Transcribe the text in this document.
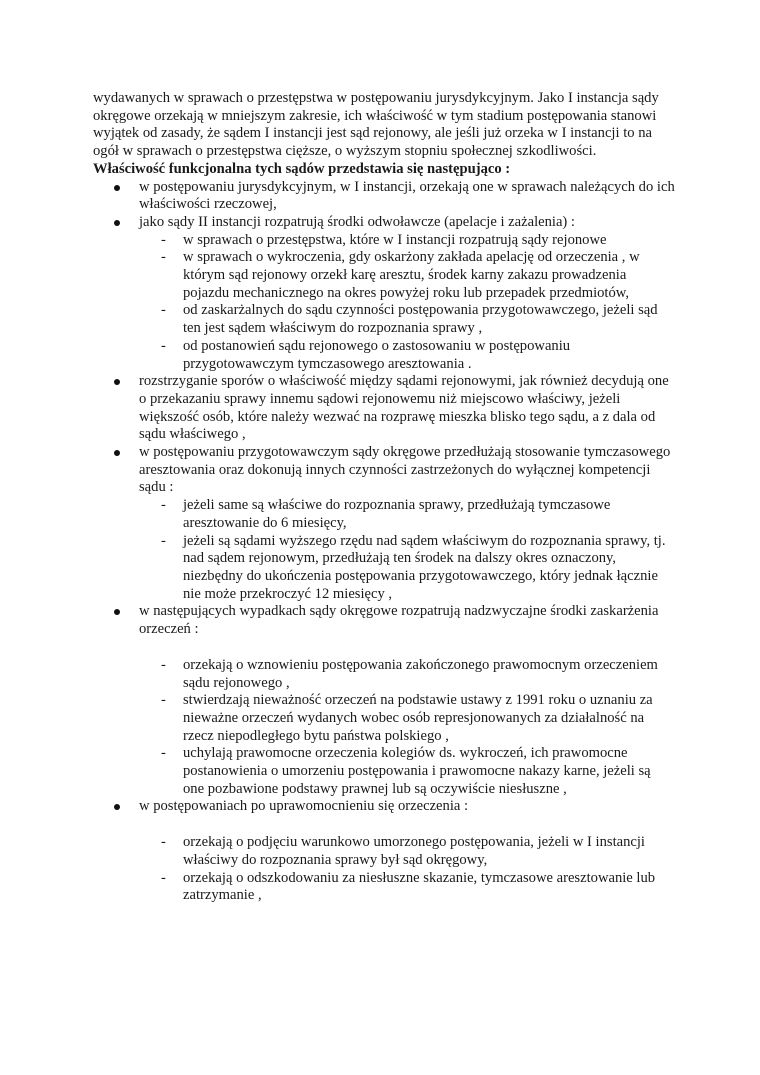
wydawanych w sprawach o przestępstwa w postępowaniu jurysdykcyjnym. Jako I instancja sądy okręgowe orzekają w mniejszym zakresie, ich właściwość w tym stadium postępowania stanowi wyjątek od zasady, że sądem I instancji jest sąd rejonowy, ale jeśli już orzeka w I instancji to na ogół w sprawach o przestępstwa cięższe, o wyższym stopniu społecznej szkodliwości.

Właściwość funkcjonalna tych sądów przedstawia się następująco :

w postępowaniu jurysdykcyjnym, w I instancji, orzekają one w sprawach należących do ich właściwości rzeczowej,
jako sądy II instancji rozpatrują środki odwoławcze (apelacje i zażalenia) :
- w sprawach o przestępstwa, które w I instancji rozpatrują sądy rejonowe
- w sprawach o wykroczenia, gdy oskarżony zakłada apelację od orzeczenia , w którym sąd rejonowy orzekł karę aresztu, środek karny zakazu prowadzenia pojazdu mechanicznego na okres powyżej roku lub przepadek przedmiotów,
- od zaskarżalnych do sądu czynności postępowania przygotowawczego, jeżeli sąd ten jest sądem właściwym do rozpoznania sprawy ,
- od postanowień sądu rejonowego o zastosowaniu w postępowaniu przygotowawczym tymczasowego aresztowania .
rozstrzyganie sporów o właściwość między sądami rejonowymi, jak również decydują one o przekazaniu sprawy innemu sądowi rejonowemu niż miejscowo właściwy, jeżeli większość osób, które należy wezwać na rozprawę mieszka blisko tego sądu, a z dala od sądu właściwego ,
w postępowaniu przygotowawczym sądy okręgowe przedłużają stosowanie tymczasowego aresztowania oraz dokonują innych czynności zastrzeżonych do wyłącznej kompetencji sądu :
- jeżeli same są właściwe do rozpoznania sprawy, przedłużają tymczasowe aresztowanie do 6 miesięcy,
- jeżeli są sądami wyższego rzędu nad sądem właściwym do rozpoznania sprawy, tj. nad sądem rejonowym, przedłużają ten środek na dalszy okres oznaczony, niezbędny do ukończenia postępowania przygotowawczego, który jednak łącznie nie może przekroczyć 12 miesięcy ,
w następujących wypadkach sądy okręgowe rozpatrują nadzwyczajne środki zaskarżenia orzeczeń :
- orzekają o wznowieniu postępowania zakończonego prawomocnym orzeczeniem sądu rejonowego ,
- stwierdzają nieważność orzeczeń na podstawie ustawy z 1991 roku o uznaniu za nieważne orzeczeń wydanych wobec osób represjonowanych za działalność na rzecz niepodległego bytu państwa polskiego ,
- uchylają prawomocne orzeczenia kolegiów ds. wykroczeń, ich prawomocne postanowienia o umorzeniu postępowania i prawomocne nakazy karne, jeżeli są one pozbawione podstawy prawnej lub są oczywiście niesłuszne ,
w postępowaniach po uprawomocnieniu się orzeczenia :
- orzekają o podjęciu warunkowo umorzonego postępowania, jeżeli w I instancji właściwy do rozpoznania sprawy był sąd okręgowy,
- orzekają o odszkodowaniu za niesłuszne skazanie, tymczasowe aresztowanie lub zatrzymanie ,
